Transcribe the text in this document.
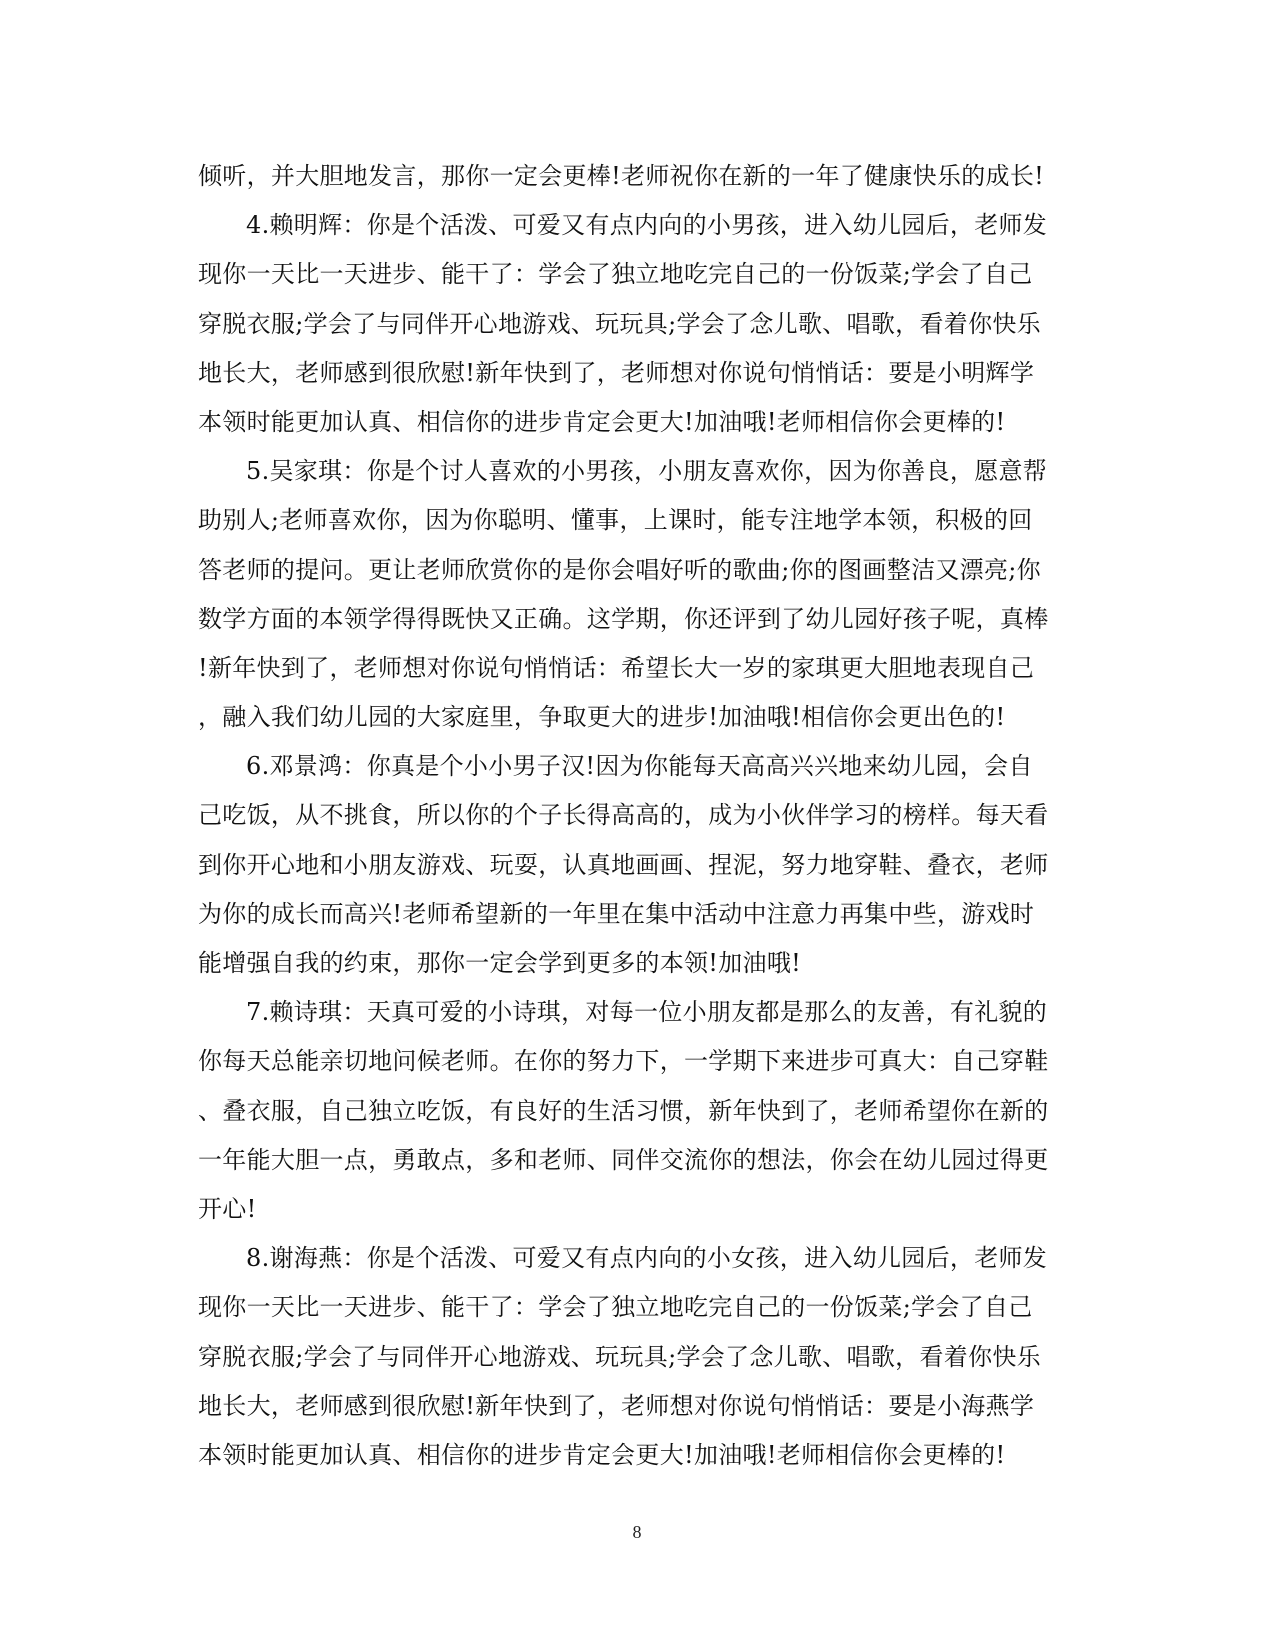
倾听，并大胆地发言，那你一定会更棒!老师祝你在新的一年了健康快乐的成长!
4.赖明辉：你是个活泼、可爱又有点内向的小男孩，进入幼儿园后，老师发
现你一天比一天进步、能干了：学会了独立地吃完自己的一份饭菜;学会了自己
穿脱衣服;学会了与同伴开心地游戏、玩玩具;学会了念儿歌、唱歌，看着你快乐
地长大，老师感到很欣慰!新年快到了，老师想对你说句悄悄话：要是小明辉学
本领时能更加认真、相信你的进步肯定会更大!加油哦!老师相信你会更棒的!
5.吴家琪：你是个讨人喜欢的小男孩，小朋友喜欢你，因为你善良，愿意帮
助别人;老师喜欢你，因为你聪明、懂事，上课时，能专注地学本领，积极的回
答老师的提问。更让老师欣赏你的是你会唱好听的歌曲;你的图画整洁又漂亮;你
数学方面的本领学得得既快又正确。这学期，你还评到了幼儿园好孩子呢，真棒
!新年快到了，老师想对你说句悄悄话：希望长大一岁的家琪更大胆地表现自己
，融入我们幼儿园的大家庭里，争取更大的进步!加油哦!相信你会更出色的!
6.邓景鸿：你真是个小小男子汉!因为你能每天高高兴兴地来幼儿园，会自
己吃饭，从不挑食，所以你的个子长得高高的，成为小伙伴学习的榜样。每天看
到你开心地和小朋友游戏、玩耍，认真地画画、捏泥，努力地穿鞋、叠衣，老师
为你的成长而高兴!老师希望新的一年里在集中活动中注意力再集中些，游戏时
能增强自我的约束，那你一定会学到更多的本领!加油哦!
7.赖诗琪：天真可爱的小诗琪，对每一位小朋友都是那么的友善，有礼貌的
你每天总能亲切地问候老师。在你的努力下，一学期下来进步可真大：自己穿鞋
、叠衣服，自己独立吃饭，有良好的生活习惯，新年快到了，老师希望你在新的
一年能大胆一点，勇敢点，多和老师、同伴交流你的想法，你会在幼儿园过得更
开心!
8.谢海燕：你是个活泼、可爱又有点内向的小女孩，进入幼儿园后，老师发
现你一天比一天进步、能干了：学会了独立地吃完自己的一份饭菜;学会了自己
穿脱衣服;学会了与同伴开心地游戏、玩玩具;学会了念儿歌、唱歌，看着你快乐
地长大，老师感到很欣慰!新年快到了，老师想对你说句悄悄话：要是小海燕学
本领时能更加认真、相信你的进步肯定会更大!加油哦!老师相信你会更棒的!
8
